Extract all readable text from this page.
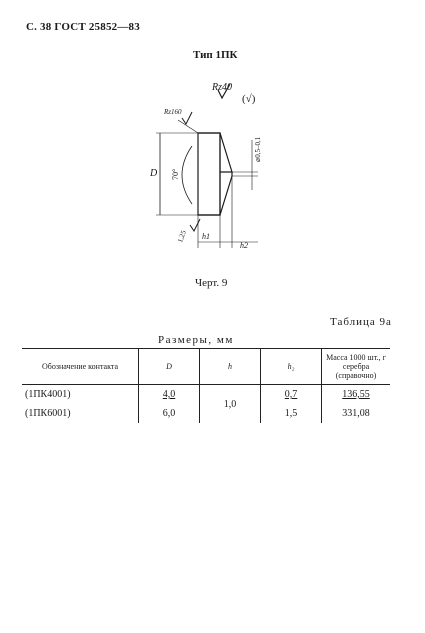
С. 38 ГОСТ 25852—83
Тип 1ПК
Rz40
(√)
Rz160
D 70°
⌀0,5–0,1
1,25 h1
h2
Черт. 9
Таблица 9а
Размеры, мм
Обозначение контакта	D	h	h₂	Масса 1000 шт., г серебра (справочно)
(1ПК4001)	4,0	1,0	0,7	136,55
(1ПК6001)	6,0		1,5	331,08
